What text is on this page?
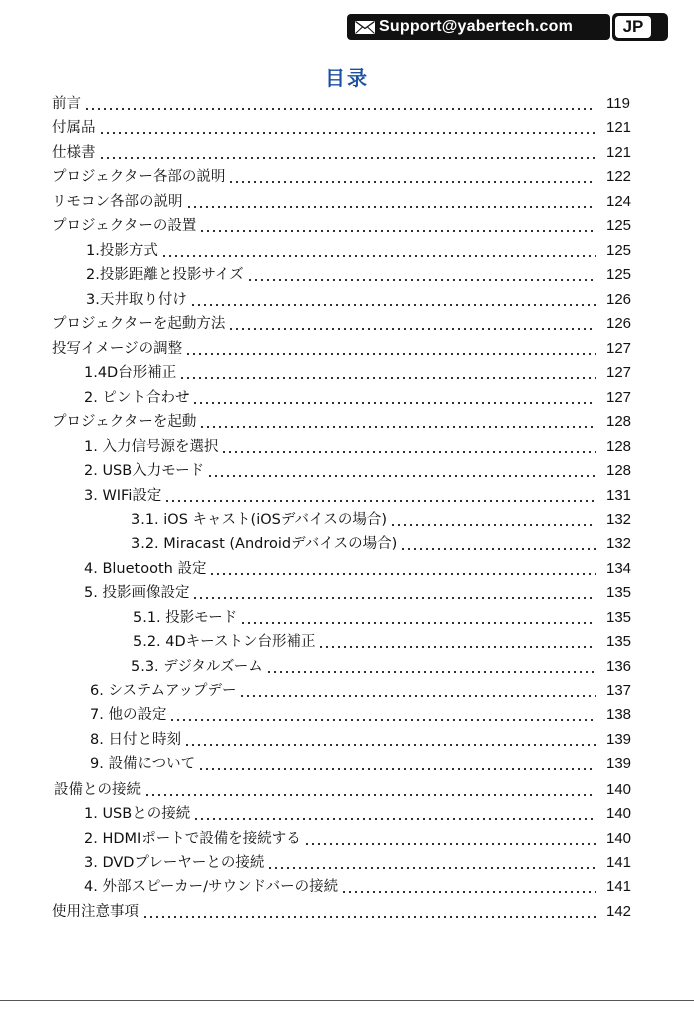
Support@yabertech.com	JP
目录
前言	119
付属品	121
仕様書	121
プロジェクター各部の説明	122
リモコン各部の説明	124
プロジェクターの設置	125
1.投影方式	125
2.投影距離と投影サイズ	125
3.天井取り付け	126
プロジェクターを起動方法	126
投写イメージの調整	127
1.4D台形補正	127
2. ピント合わせ	127
プロジェクターを起動	128
1. 入力信号源を選択	128
2. USB入力モード	128
3. WIFi設定	131
3.1. iOS キャスト(iOSデバイスの場合)	132
3.2. Miracast (Androidデバイスの場合)	132
4. Bluetooth 設定	134
5. 投影画像設定	135
5.1. 投影モード	135
5.2. 4Dキーストン台形補正	135
5.3. デジタルズーム	136
6. システムアップデー	137
7. 他の設定	138
8. 日付と時刻	139
9. 設備について	139
設備との接続	140
1. USBとの接続	140
2. HDMIポートで設備を接続する	140
3. DVDプレーヤーとの接続	141
4. 外部スピーカー/サウンドバーの接続	141
使用注意事項	142
